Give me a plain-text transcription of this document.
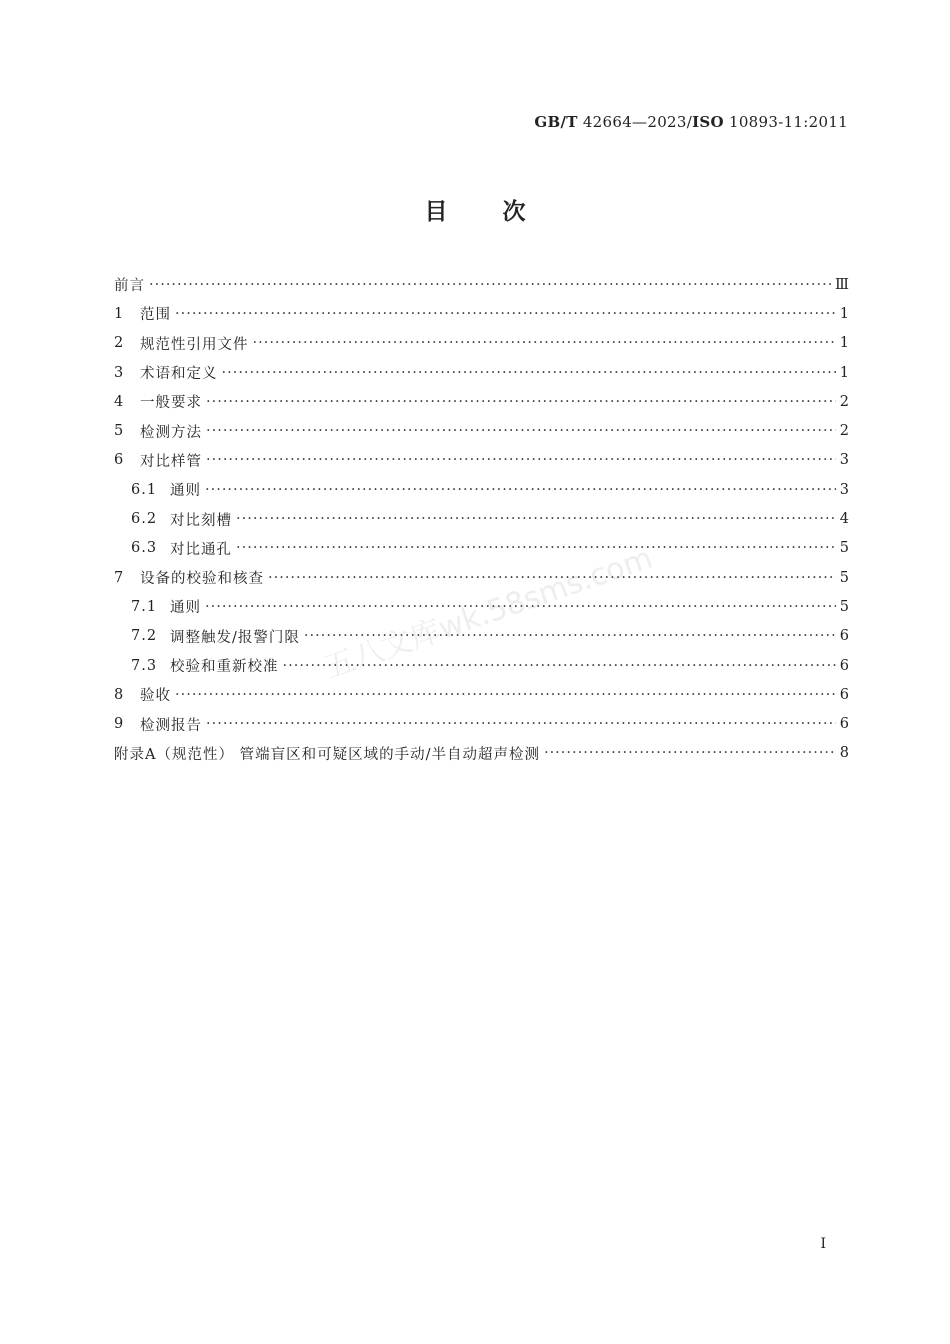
GB/T 42664—2023/ISO 10893-11:2011
目次
前言 ·····	Ⅲ
1	范围 ·····	1
2	规范性引用文件 ·····	1
3	术语和定义 ·····	1
4	一般要求 ·····	2
5	检测方法 ·····	2
6	对比样管 ·····	3
6.1 通则 ·····	3
6.2 对比刻槽 ·····	4
6.3 对比通孔 ·····	5
7	设备的校验和核查 ·····	5
7.1 通则 ·····	5
7.2 调整触发/报警门限 ·····	6
7.3 校验和重新校准 ·····	6
8	验收 ·····	6
9	检测报告 ·····	6
附录A（规范性） 管端盲区和可疑区域的手动/半自动超声检测 ·····	8
五八文库wk.58sms.com
I
